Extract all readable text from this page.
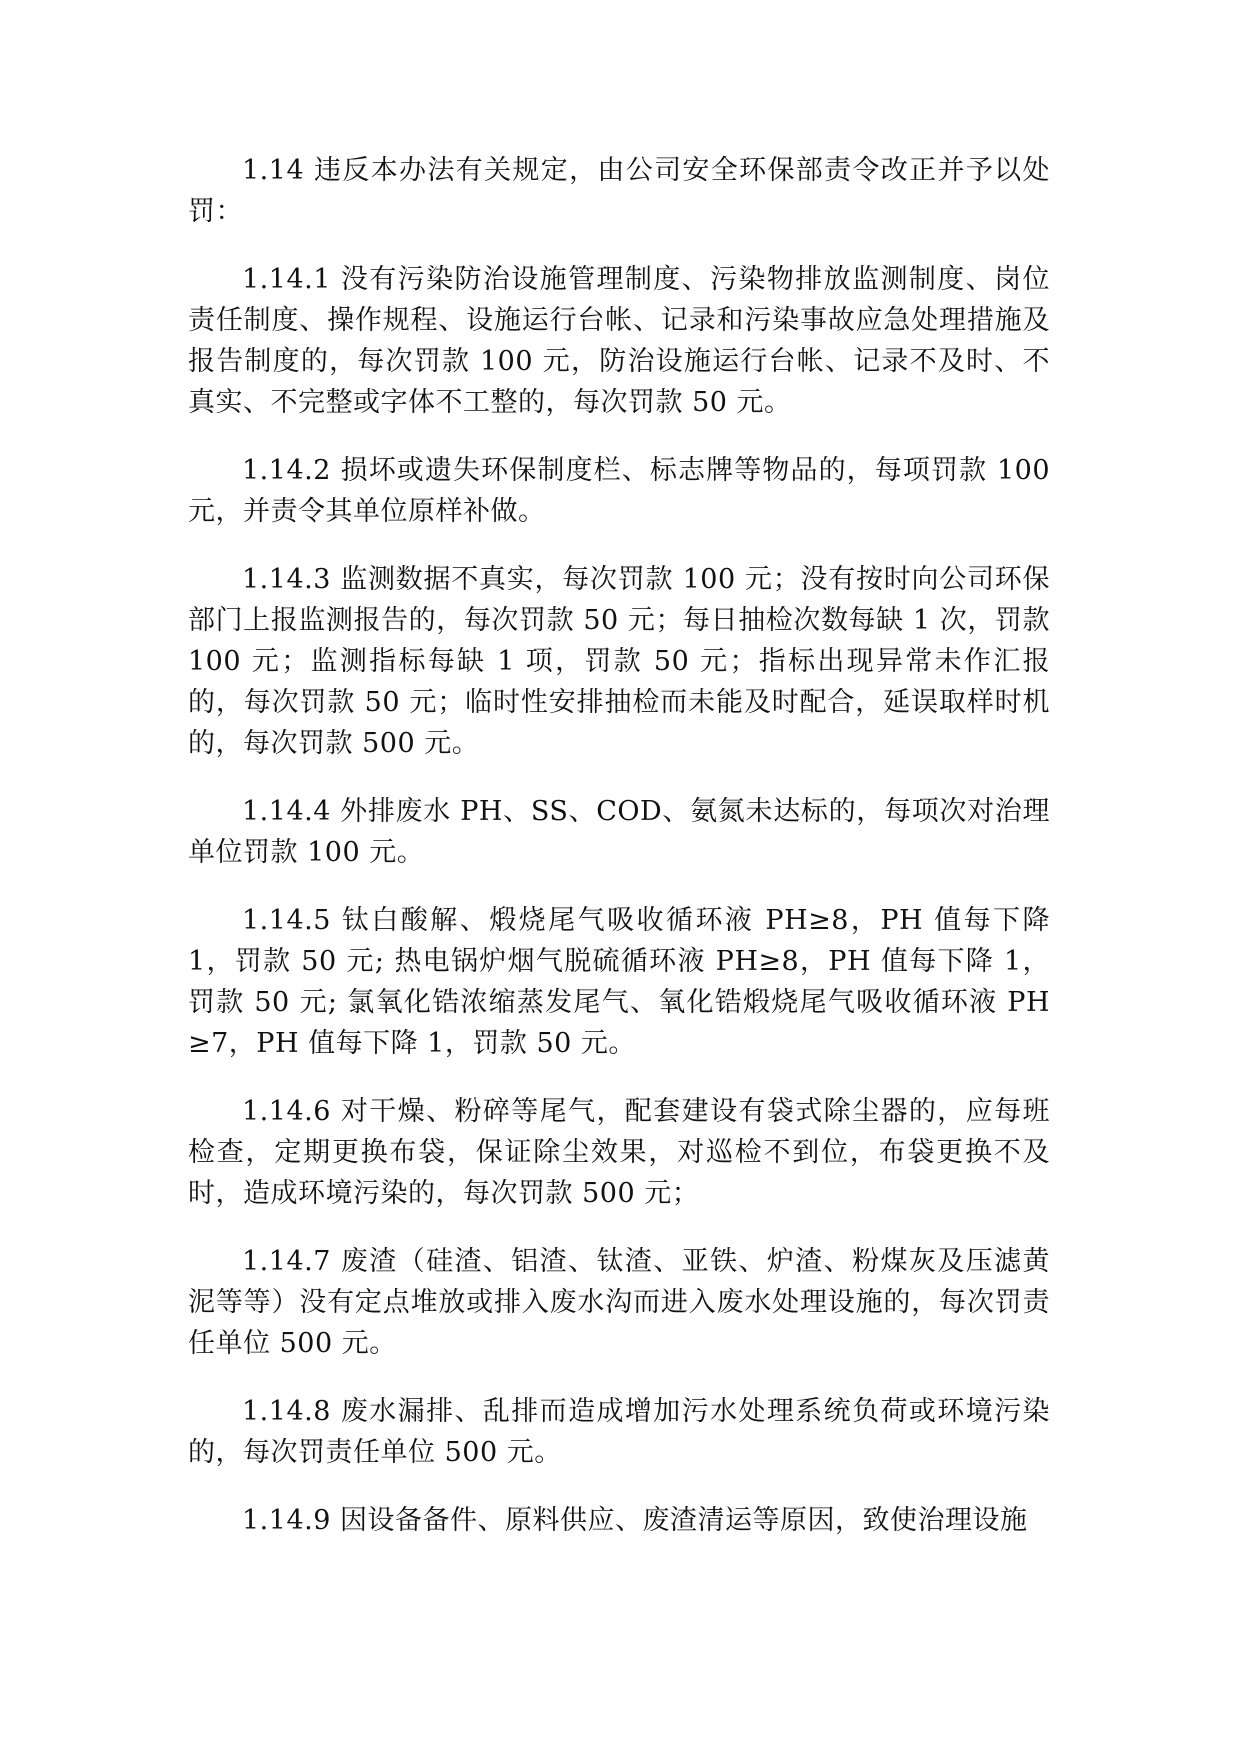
1.14 违反本办法有关规定，由公司安全环保部责令改正并予以处罚：

1.14.1 没有污染防治设施管理制度、污染物排放监测制度、岗位责任制度、操作规程、设施运行台帐、记录和污染事故应急处理措施及报告制度的，每次罚款 100 元，防治设施运行台帐、记录不及时、不真实、不完整或字体不工整的，每次罚款 50 元。

1.14.2 损坏或遗失环保制度栏、标志牌等物品的，每项罚款 100 元，并责令其单位原样补做。

1.14.3 监测数据不真实，每次罚款 100 元；没有按时向公司环保部门上报监测报告的，每次罚款 50 元；每日抽检次数每缺 1 次，罚款 100 元；监测指标每缺 1 项，罚款 50 元；指标出现异常未作汇报的，每次罚款 50 元；临时性安排抽检而未能及时配合，延误取样时机的，每次罚款 500 元。

1.14.4 外排废水 PH、SS、COD、氨氮未达标的，每项次对治理单位罚款 100 元。

1.14.5 钛白酸解、煅烧尾气吸收循环液 PH≥8，PH 值每下降 1，罚款 50 元; 热电锅炉烟气脱硫循环液 PH≥8，PH 值每下降 1，罚款 50 元; 氯氧化锆浓缩蒸发尾气、氧化锆煅烧尾气吸收循环液 PH≥7，PH 值每下降 1，罚款 50 元。

1.14.6 对干燥、粉碎等尾气，配套建设有袋式除尘器的，应每班检查，定期更换布袋，保证除尘效果，对巡检不到位，布袋更换不及时，造成环境污染的，每次罚款 500 元；

1.14.7 废渣（硅渣、铝渣、钛渣、亚铁、炉渣、粉煤灰及压滤黄泥等等）没有定点堆放或排入废水沟而进入废水处理设施的，每次罚责任单位 500 元。

1.14.8 废水漏排、乱排而造成增加污水处理系统负荷或环境污染的，每次罚责任单位 500 元。

1.14.9 因设备备件、原料供应、废渣清运等原因，致使治理设施
